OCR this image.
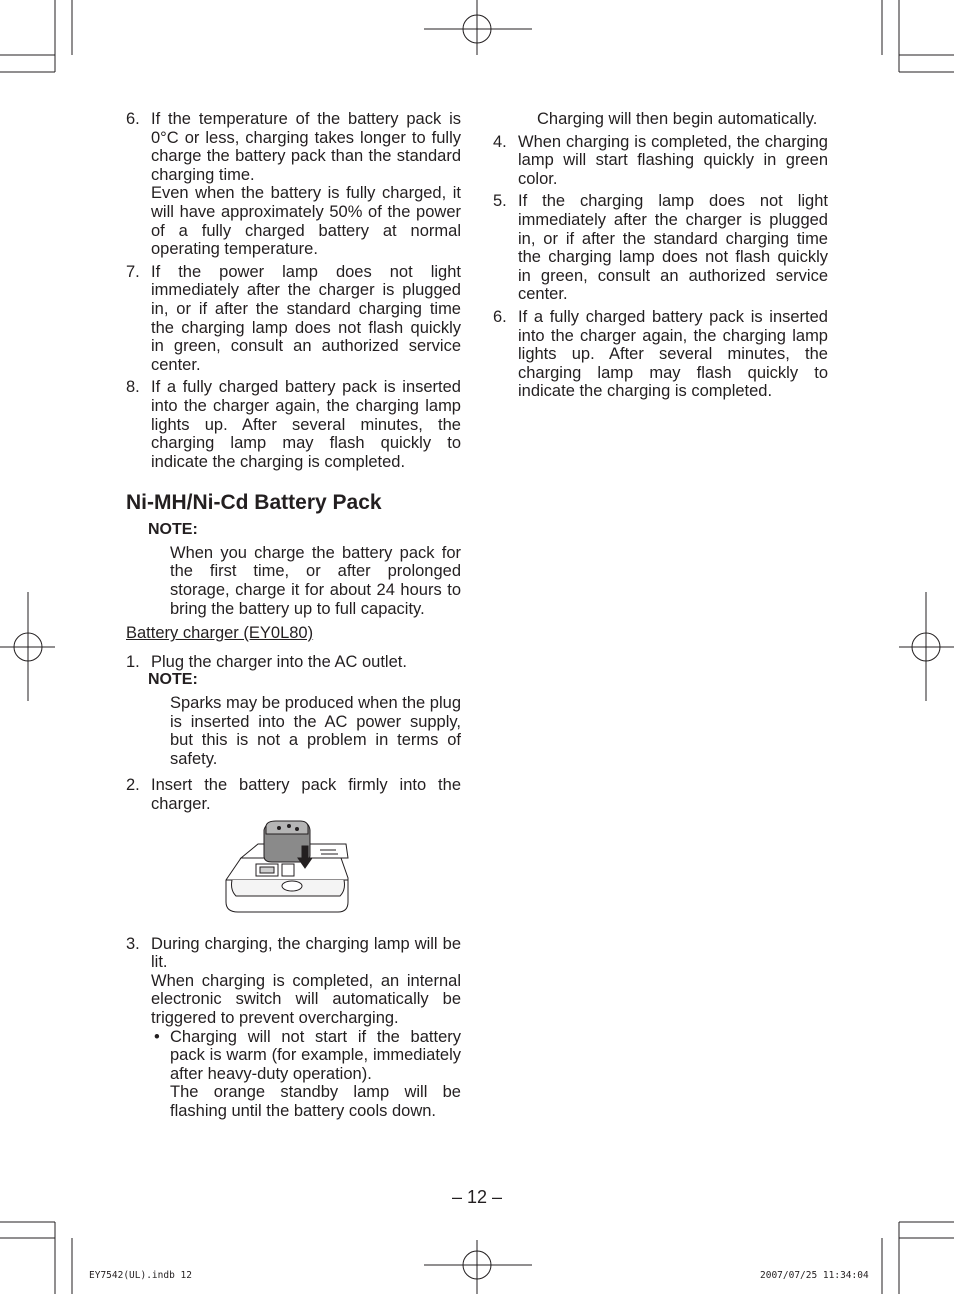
6. If the temperature of the battery pack is 0°C or less, charging takes longer to fully charge the battery pack than the standard charging time.

Even when the battery is fully charged, it will have approximately 50% of the power of a fully charged battery at normal operating temperature.

7. If the power lamp does not light immediately after the charger is plugged in, or if after the standard charging time the charging lamp does not flash quickly in green, consult an authorized service center.

8. If a fully charged battery pack is inserted into the charger again, the charging lamp lights up. After several minutes, the charging lamp may flash quickly to indicate the charging is completed.

Ni-MH/Ni-Cd Battery Pack
NOTE:
When you charge the battery pack for the first time, or after prolonged storage, charge it for about 24 hours to bring the battery up to full capacity.
Battery charger (EY0L80)
1. Plug the charger into the AC outlet.

NOTE:
Sparks may be produced when the plug is inserted into the AC power supply, but this is not a problem in terms of safety.
2. Insert the battery pack firmly into the charger.

3. During charging, the charging lamp will be lit.

When charging is completed, an internal electronic switch will automatically be triggered to prevent overcharging.

• Charging will not start if the battery pack is warm (for example, immediately after heavy-duty operation).

The orange standby lamp will be flashing until the battery cools down.

Charging will then begin automatically.

4. When charging is completed, the charging lamp will start flashing quickly in green color.

5. If the charging lamp does not light immediately after the charger is plugged in, or if after the standard charging time the charging lamp does not flash quickly in green, consult an authorized service center.

6. If a fully charged battery pack is inserted into the charger again, the charging lamp lights up. After several minutes, the charging lamp may flash quickly to indicate the charging is completed.

– 12 –
EY7542(UL).indb 12	2007/07/25 11:34:04
